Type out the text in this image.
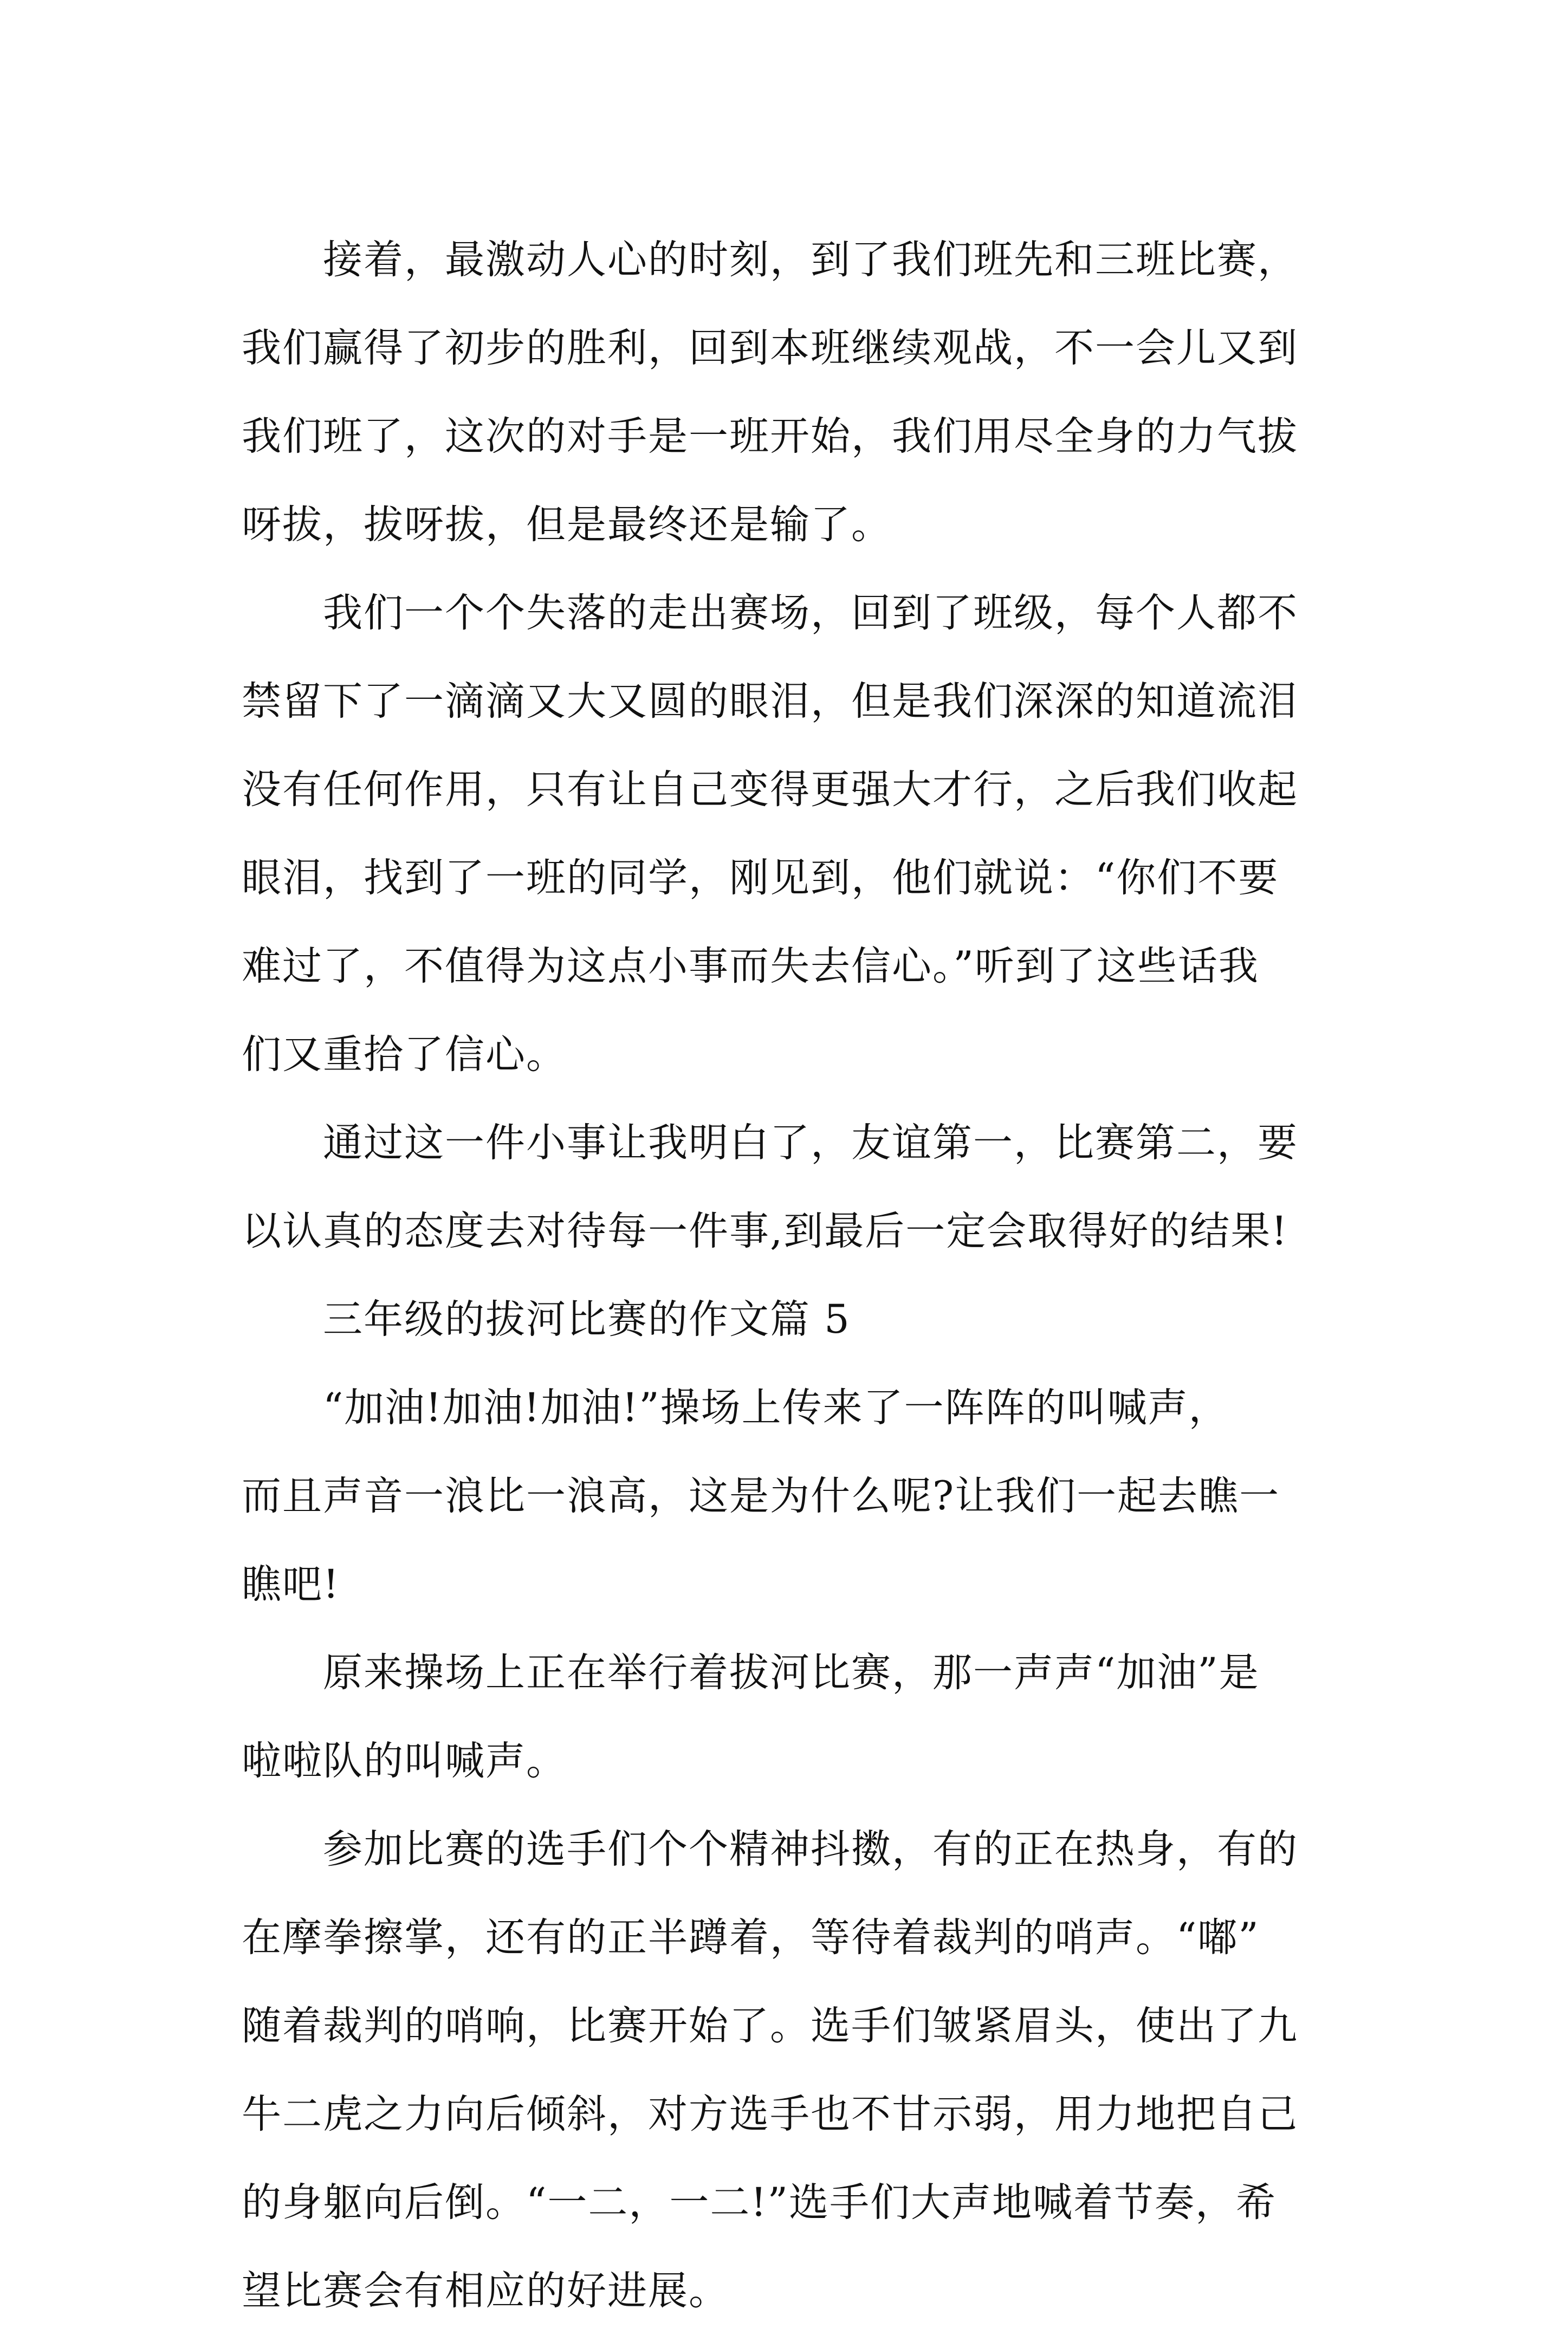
接着，最激动人心的时刻，到了我们班先和三班比赛，
我们赢得了初步的胜利，回到本班继续观战，不一会儿又到
我们班了，这次的对手是一班开始，我们用尽全身的力气拔
呀拔，拔呀拔，但是最终还是输了。
我们一个个失落的走出赛场，回到了班级，每个人都不
禁留下了一滴滴又大又圆的眼泪，但是我们深深的知道流泪
没有任何作用，只有让自己变得更强大才行，之后我们收起
眼泪，找到了一班的同学，刚见到，他们就说：“你们不要
难过了，不值得为这点小事而失去信心。”听到了这些话我
们又重拾了信心。
通过这一件小事让我明白了，友谊第一，比赛第二，要
以认真的态度去对待每一件事,到最后一定会取得好的结果!
三年级的拔河比赛的作文篇 5
“加油!加油!加油!”操场上传来了一阵阵的叫喊声，
而且声音一浪比一浪高，这是为什么呢?让我们一起去瞧一
瞧吧!
原来操场上正在举行着拔河比赛，那一声声“加油”是
啦啦队的叫喊声。
参加比赛的选手们个个精神抖擞，有的正在热身，有的
在摩拳擦掌，还有的正半蹲着，等待着裁判的哨声。“嘟”
随着裁判的哨响，比赛开始了。选手们皱紧眉头，使出了九
牛二虎之力向后倾斜，对方选手也不甘示弱，用力地把自己
的身躯向后倒。“一二，一二!”选手们大声地喊着节奏，希
望比赛会有相应的好进展。
